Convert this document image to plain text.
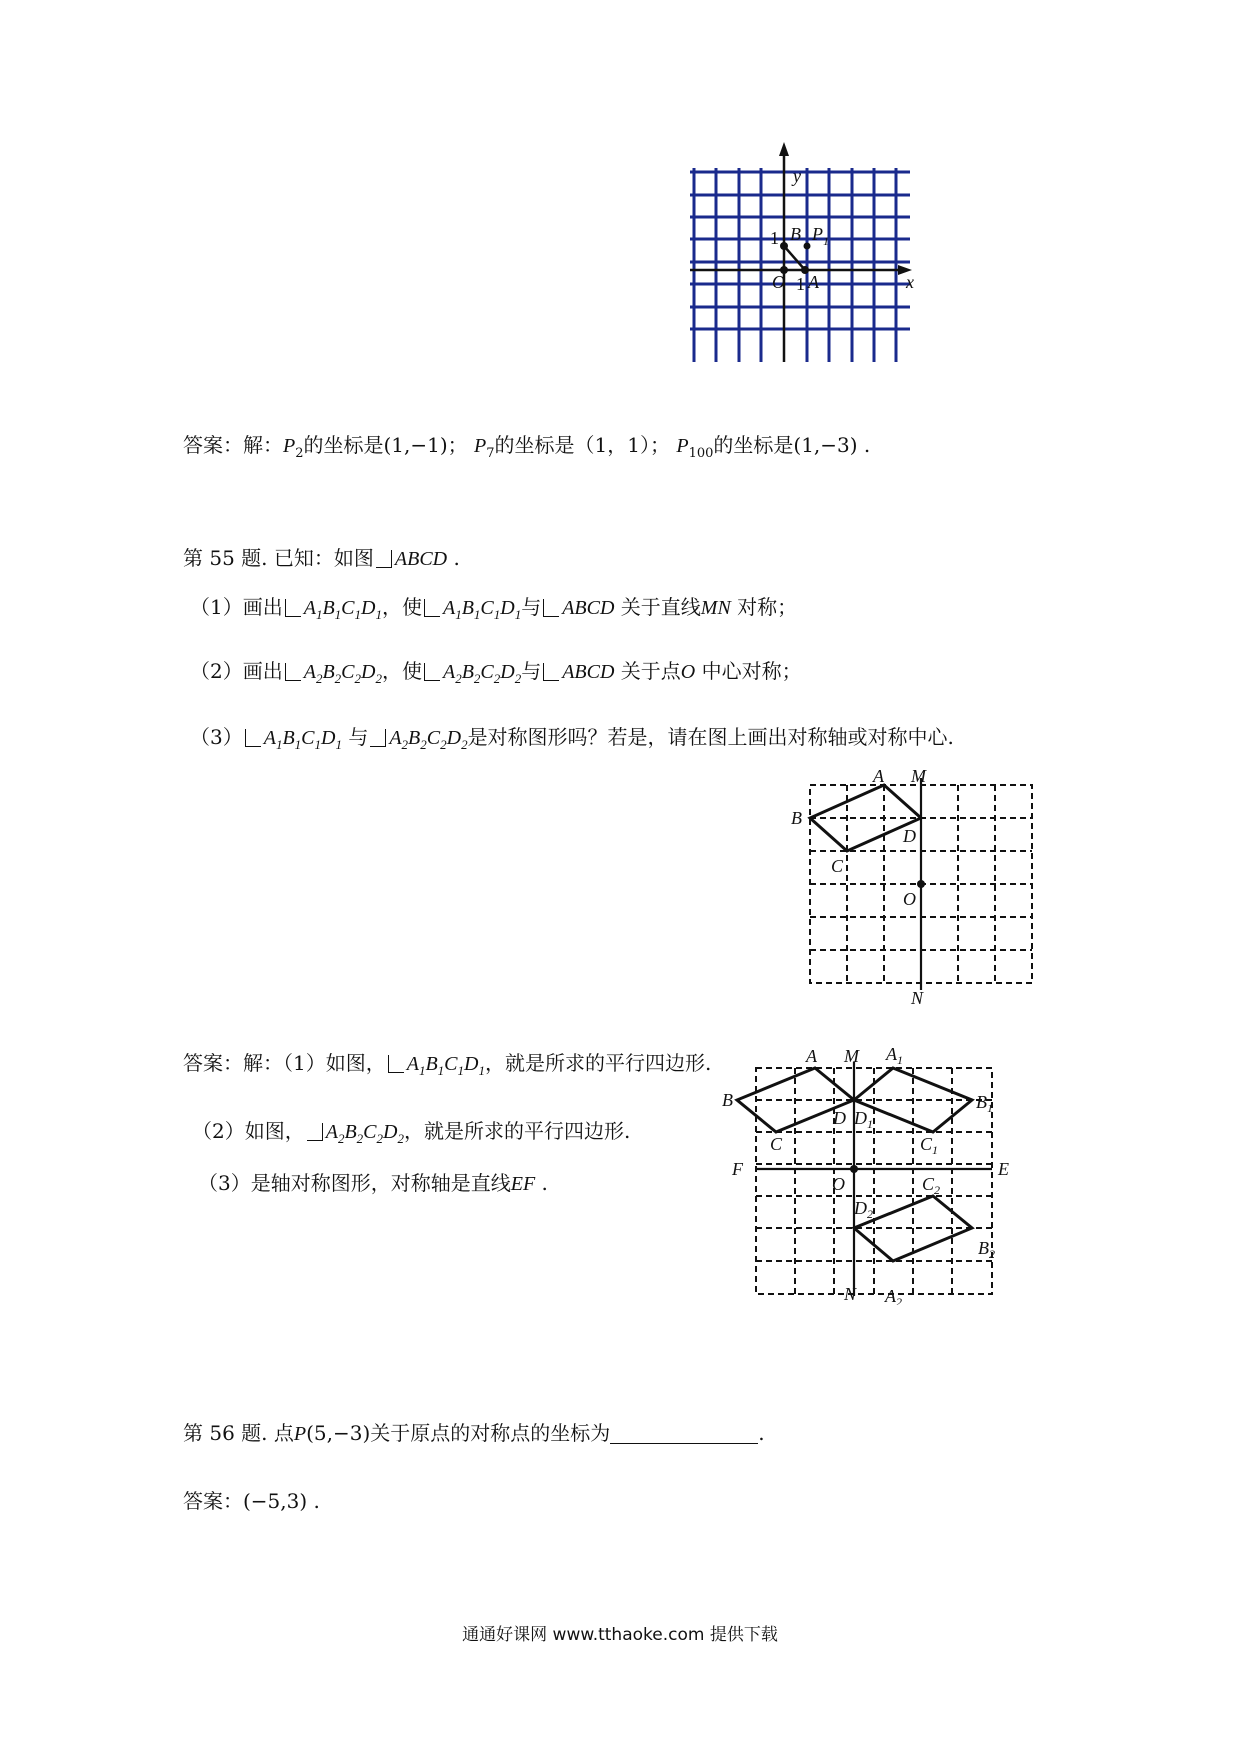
y
x
O
1
1
B
A
$P_1$
答案：解：$P_2$的坐标是(1,−1)； $P_7$的坐标是（1，1）； $P_{100}$的坐标是(1,−3) .
第 55 题. 已知：如图 ABCD .
（1）画出 $A_1B_1C_1D_1$，使 $A_1B_1C_1D_1$与 ABCD 关于直线MN 对称；
（2）画出 $A_2B_2C_2D_2$，使 $A_2B_2C_2D_2$与 ABCD 关于点O 中心对称；
（3） $A_1B_1C_1D_1$ 与 $A_2B_2C_2D_2$是对称图形吗？若是，请在图上画出对称轴或对称中心.
A M
B
D
C
O
N
答案：解：（1）如图， $A_1B_1C_1D_1$，就是所求的平行四边形.
（2）如图， $A_2B_2C_2D_2$，就是所求的平行四边形.
（3）是轴对称图形，对称轴是直线EF .
A M $A_1$
B	$B_1$
D $D_1$
C	$C_1$
F
O
E
$C_2$
$D_2$
$B_2$
N $A_2$
第 56 题. 点P(5,−3)关于原点的对称点的坐标为	.
答案：(−5,3) .
通通好课网 www.tthaoke.com 提供下载
